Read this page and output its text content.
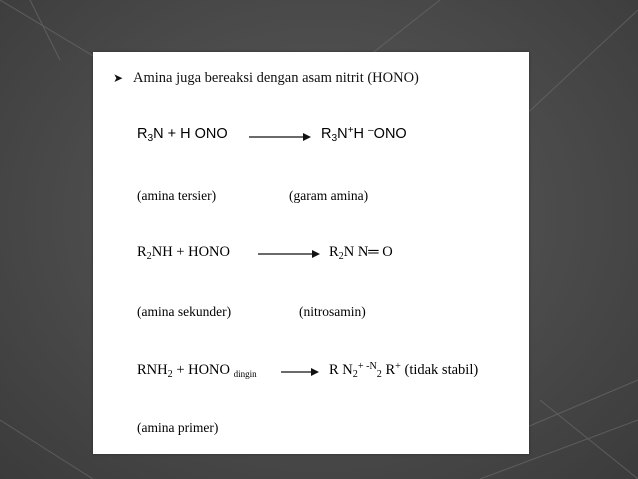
➤ Amina juga bereaksi dengan asam nitrit (HONO)
$R_3N + H$ ONO → $R_3N^+H$ –ONO
(amina tersier)	(garam amina)
$R_2NH$ + HONO → $R_2N$ N═ O
(amina sekunder)	(nitrosamin)
$RNH_2$ + HONO $_{dingin}$ → R $N_2^+$ $^{-N}_2$ R+ (tidak stabil)
(amina primer)
